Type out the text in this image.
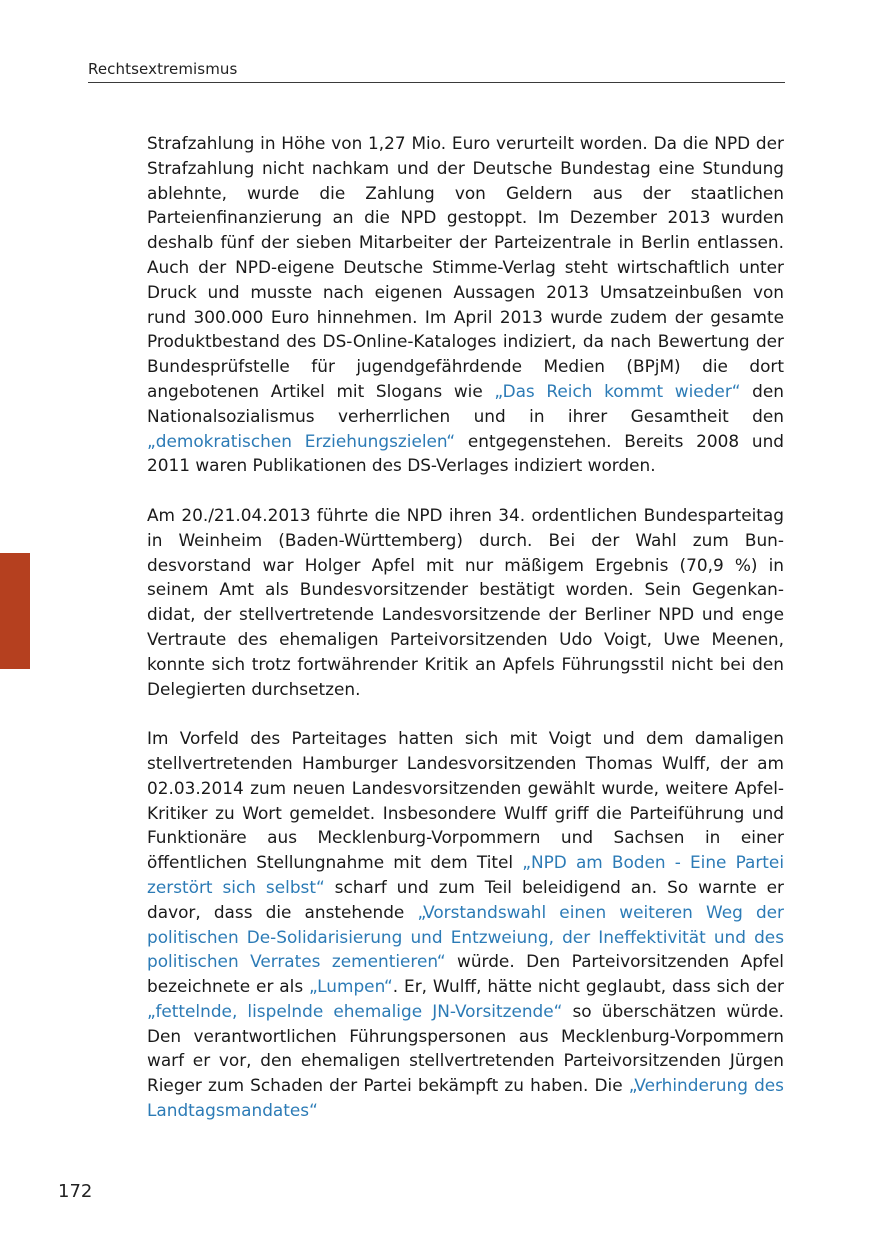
Rechtsextremismus

Strafzahlung in Höhe von 1,27 Mio. Euro verurteilt worden. Da die NPD der Strafzahlung nicht nachkam und der Deutsche Bundestag eine Stundung ablehnte, wurde die Zahlung von Geldern aus der staatlichen Parteienfinanzierung an die NPD gestoppt. Im Dezember 2013 wurden deshalb fünf der sieben Mitarbeiter der Parteizentrale in Berlin entlassen. Auch der NPD-eigene Deutsche Stimme-Verlag steht wirtschaftlich unter Druck und musste nach eigenen Aussagen 2013 Umsatzeinbußen von rund 300.000 Euro hinnehmen. Im April 2013 wurde zudem der gesamte Produktbestand des DS-Online-Kataloges indiziert, da nach Bewertung der Bundesprüfstelle für jugendgefährdende Medien (BPjM) die dort angebotenen Artikel mit Slogans wie „Das Reich kommt wieder“ den Nationalsozialismus verherrlichen und in ihrer Gesamtheit den „demokratischen Erziehungszielen“ entgegenstehen. Bereits 2008 und 2011 waren Publikationen des DS-Verlages indiziert worden.

Am 20./21.04.2013 führte die NPD ihren 34. ordentlichen Bundesparteitag in Weinheim (Baden-Württemberg) durch. Bei der Wahl zum Bundesvorstand war Holger Apfel mit nur mäßigem Ergebnis (70,9 %) in seinem Amt als Bundesvorsitzender bestätigt worden. Sein Gegenkandidat, der stellvertretende Landesvorsitzende der Berliner NPD und enge Vertraute des ehemaligen Parteivorsitzenden Udo Voigt, Uwe Meenen, konnte sich trotz fortwährender Kritik an Apfels Führungsstil nicht bei den Delegierten durchsetzen.

Im Vorfeld des Parteitages hatten sich mit Voigt und dem damaligen stellvertretenden Hamburger Landesvorsitzenden Thomas Wulff, der am 02.03.2014 zum neuen Landesvorsitzenden gewählt wurde, weitere Apfel-Kritiker zu Wort gemeldet. Insbesondere Wulff griff die Parteiführung und Funktionäre aus Mecklenburg-Vorpommern und Sachsen in einer öffentlichen Stellungnahme mit dem Titel „NPD am Boden - Eine Partei zerstört sich selbst“ scharf und zum Teil beleidigend an. So warnte er davor, dass die anstehende „Vorstandswahl einen weiteren Weg der politischen De-Solidarisierung und Entzweiung, der Ineffektivität und des politischen Verrates zementieren“ würde. Den Parteivorsitzenden Apfel bezeichnete er als „Lumpen“. Er, Wulff, hätte nicht geglaubt, dass sich der „fettelnde, lispelnde ehemalige JN-Vorsitzende“ so überschätzen würde. Den verantwortlichen Führungspersonen aus Mecklenburg-Vorpommern warf er vor, den ehemaligen stellvertretenden Parteivorsitzenden Jürgen Rieger zum Schaden der Partei bekämpft zu haben. Die „Verhinderung des Landtagsmandates“

172
